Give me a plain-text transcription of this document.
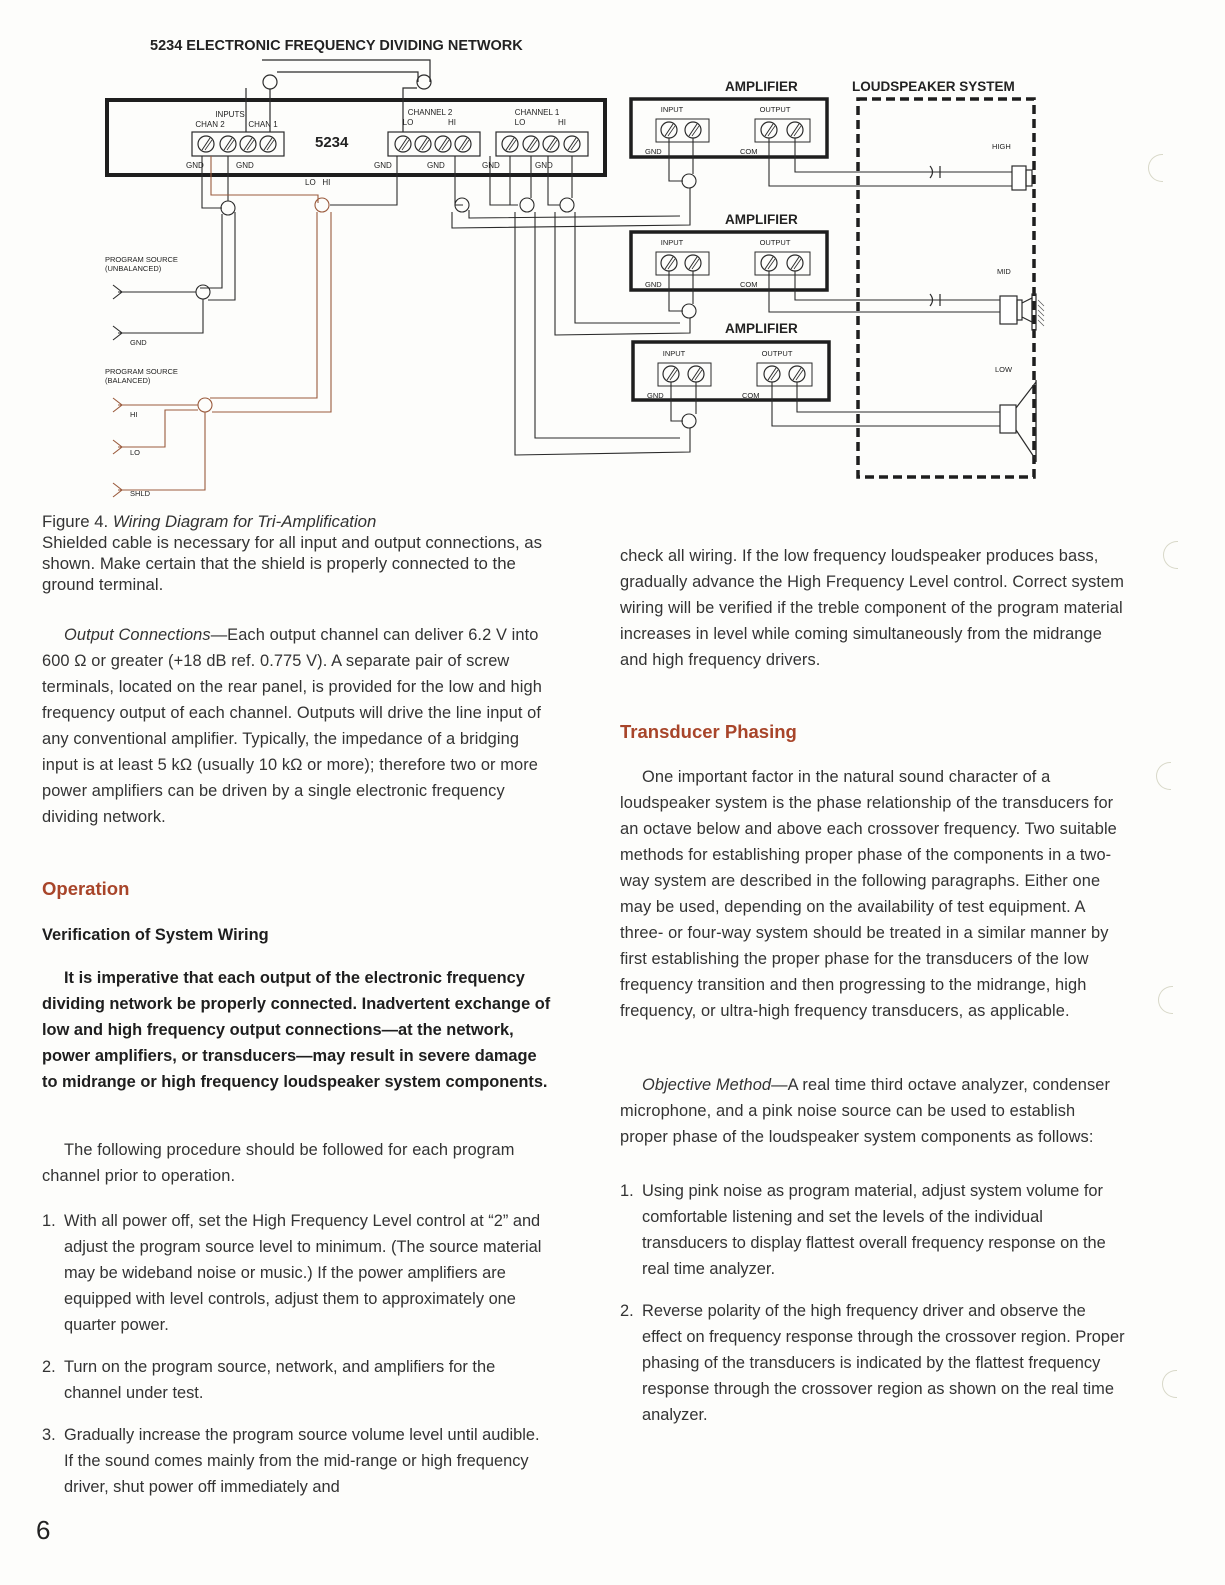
5234 ELECTRONIC FREQUENCY DIVIDING NETWORK
INPUTS
CHAN 2	CHAN 1
GND	GND
5234
CHANNEL 2
LO	HI
GND	GND
CHANNEL 1
LO	HI
GND	GND
LO   HI
PROGRAM SOURCE
(UNBALANCED)
GND
PROGRAM SOURCE
(BALANCED)
HI
LO
SHLD
AMPLIFIER
INPUT	OUTPUT
GND	COM
AMPLIFIER
INPUT	OUTPUT
GND	COM
AMPLIFIER
INPUT	OUTPUT
GND	COM
LOUDSPEAKER SYSTEM
HIGH
MID
LOW

Figure 4. Wiring Diagram for Tri-Amplification

Shielded cable is necessary for all input and output connections, as shown. Make certain that the shield is properly connected to the ground terminal.

Output Connections—Each output channel can deliver 6.2 V into 600 Ω or greater (+18 dB ref. 0.775 V). A separate pair of screw terminals, located on the rear panel, is provided for the low and high frequency output of each channel. Outputs will drive the line input of any conventional amplifier. Typically, the impedance of a bridging input is at least 5 kΩ (usually 10 kΩ or more); therefore two or more power amplifiers can be driven by a single electronic frequency dividing network.

Operation
Verification of System Wiring

It is imperative that each output of the electronic frequency dividing network be properly connected. Inadvertent exchange of low and high frequency output connections—at the network, power amplifiers, or transducers—may result in severe damage to midrange or high frequency loudspeaker system components.

The following procedure should be followed for each program channel prior to operation.

1. With all power off, set the High Frequency Level control at “2” and adjust the program source level to minimum. (The source material may be wideband noise or music.) If the power amplifiers are equipped with level controls, adjust them to approximately one quarter power.
2. Turn on the program source, network, and amplifiers for the channel under test.
3. Gradually increase the program source volume level until audible. If the sound comes mainly from the mid-range or high frequency driver, shut power off immediately and
6

check all wiring. If the low frequency loudspeaker produces bass, gradually advance the High Frequency Level control. Correct system wiring will be verified if the treble component of the program material increases in level while coming simultaneously from the midrange and high frequency drivers.

Transducer Phasing

One important factor in the natural sound character of a loudspeaker system is the phase relationship of the transducers for an octave below and above each crossover frequency. Two suitable methods for establishing proper phase of the components in a two-way system are described in the following paragraphs. Either one may be used, depending on the availability of test equipment. A three- or four-way system should be treated in a similar manner by first establishing the proper phase for the transducers of the low frequency transition and then progressing to the midrange, high frequency, or ultra-high frequency transducers, as applicable.

Objective Method—A real time third octave analyzer, condenser microphone, and a pink noise source can be used to establish proper phase of the loudspeaker system components as follows:

1. Using pink noise as program material, adjust system volume for comfortable listening and set the levels of the individual transducers to display flattest overall frequency response on the real time analyzer.
2. Reverse polarity of the high frequency driver and observe the effect on frequency response through the crossover region. Proper phasing of the transducers is indicated by the flattest frequency response through the crossover region as shown on the real time analyzer.
